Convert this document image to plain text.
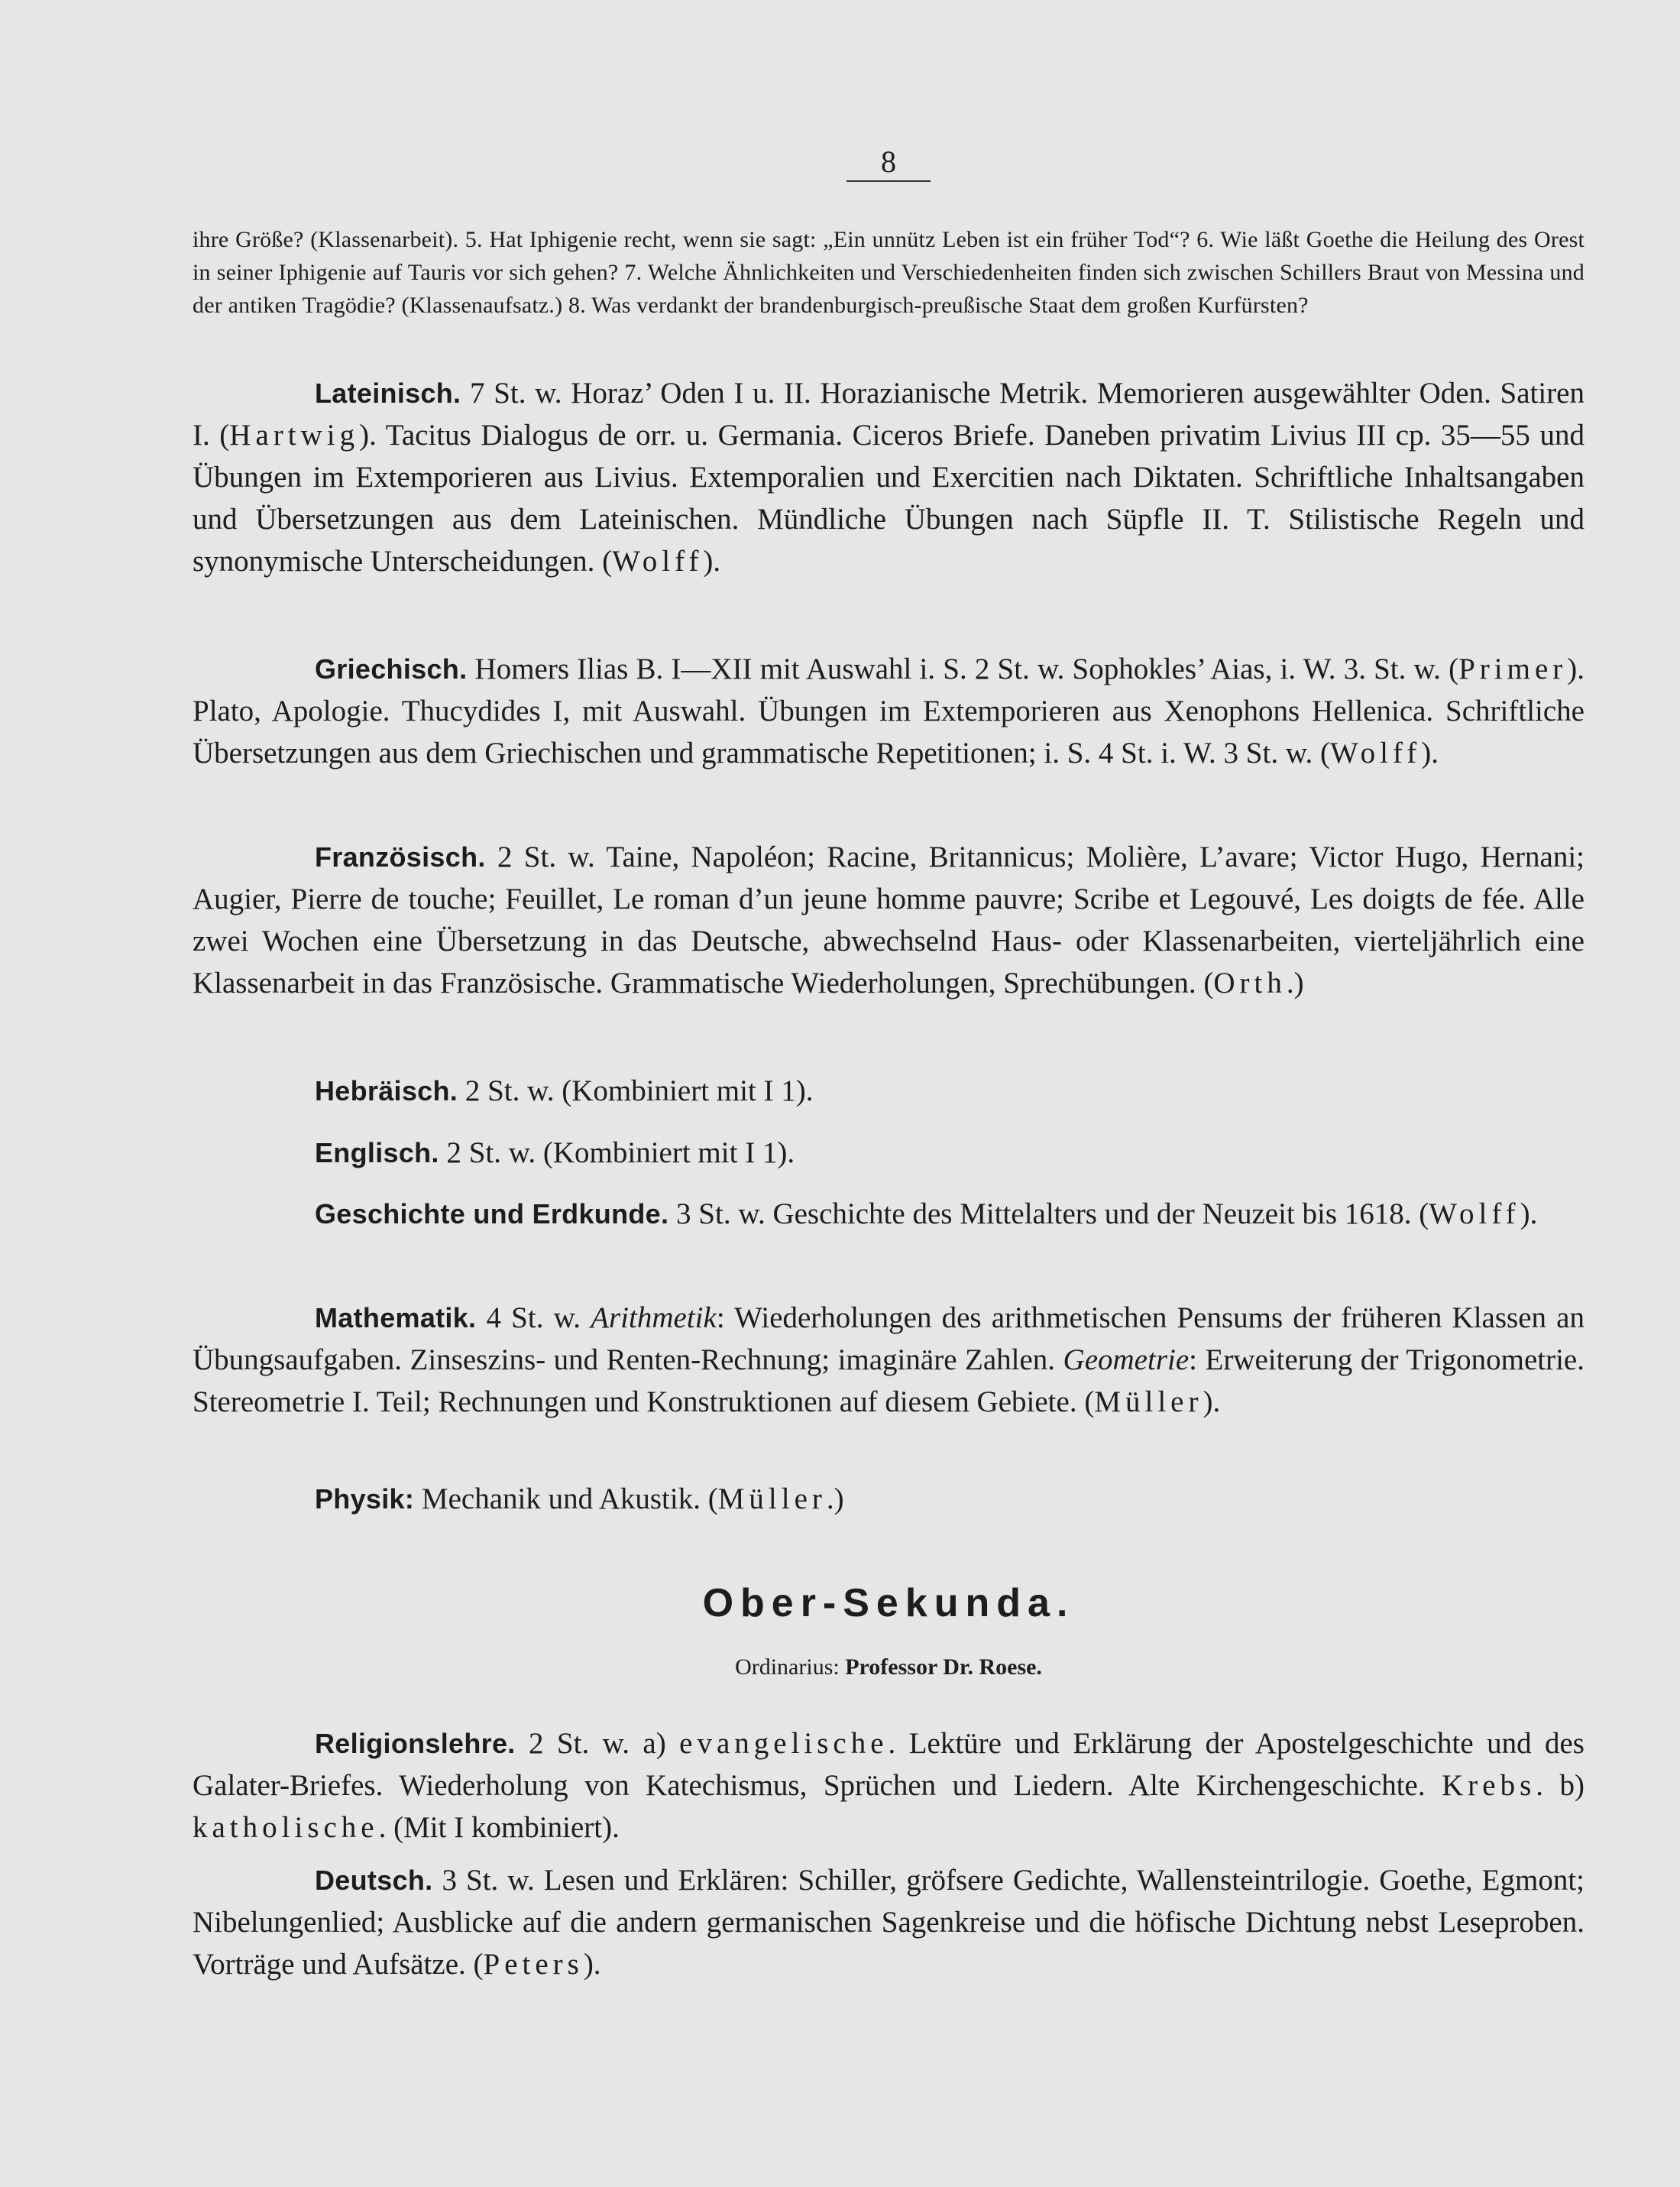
8

ihre Größe? (Klassenarbeit). 5. Hat Iphigenie recht, wenn sie sagt: „Ein unnütz Leben ist ein früher Tod“? 6. Wie läßt Goethe die Heilung des Orest in seiner Iphigenie auf Tauris vor sich gehen? 7. Welche Ähnlichkeiten und Verschiedenheiten finden sich zwischen Schillers Braut von Messina und der antiken Tragödie? (Klassenaufsatz.) 8. Was verdankt der brandenburgisch-preußische Staat dem großen Kurfürsten?

Lateinisch. 7 St. w. Horaz’ Oden I u. II. Horazianische Metrik. Memorieren ausgewählter Oden. Satiren I. (Hartwig). Tacitus Dialogus de orr. u. Germania. Ciceros Briefe. Daneben privatim Livius III cp. 35—55 und Übungen im Extemporieren aus Livius. Extemporalien und Exercitien nach Diktaten. Schriftliche Inhaltsangaben und Übersetzungen aus dem Lateinischen. Mündliche Übungen nach Süpfle II. T. Stilistische Regeln und synonymische Unterscheidungen. (Wolff).

Griechisch. Homers Ilias B. I—XII mit Auswahl i. S. 2 St. w. Sophokles’ Aias, i. W. 3. St. w. (Primer). Plato, Apologie. Thucydides I, mit Auswahl. Übungen im Extemporieren aus Xenophons Hellenica. Schriftliche Übersetzungen aus dem Griechischen und grammatische Repetitionen; i. S. 4 St. i. W. 3 St. w. (Wolff).

Französisch. 2 St. w. Taine, Napoléon; Racine, Britannicus; Molière, L’avare; Victor Hugo, Hernani; Augier, Pierre de touche; Feuillet, Le roman d’un jeune homme pauvre; Scribe et Legouvé, Les doigts de fée. Alle zwei Wochen eine Übersetzung in das Deutsche, abwechselnd Haus- oder Klassenarbeiten, vierteljährlich eine Klassenarbeit in das Französische. Grammatische Wiederholungen, Sprechübungen. (Orth.)

Hebräisch. 2 St. w. (Kombiniert mit I 1).

Englisch. 2 St. w. (Kombiniert mit I 1).

Geschichte und Erdkunde. 3 St. w. Geschichte des Mittelalters und der Neuzeit bis 1618. (Wolff).

Mathematik. 4 St. w. Arithmetik: Wiederholungen des arithmetischen Pensums der früheren Klassen an Übungsaufgaben. Zinseszins- und Renten-Rechnung; imaginäre Zahlen. Geometrie: Erweiterung der Trigonometrie. Stereometrie I. Teil; Rechnungen und Konstruktionen auf diesem Gebiete. (Müller).

Physik: Mechanik und Akustik. (Müller.)

Ober-Sekunda.
Ordinarius: Professor Dr. Roese.

Religionslehre. 2 St. w. a) evangelische. Lektüre und Erklärung der Apostelgeschichte und des Galater-Briefes. Wiederholung von Katechismus, Sprüchen und Liedern. Alte Kirchengeschichte. Krebs. b) katholische. (Mit I kombiniert).

Deutsch. 3 St. w. Lesen und Erklären: Schiller, gröfsere Gedichte, Wallensteintrilogie. Goethe, Egmont; Nibelungenlied; Ausblicke auf die andern germanischen Sagenkreise und die höfische Dichtung nebst Leseproben. Vorträge und Aufsätze. (Peters).
